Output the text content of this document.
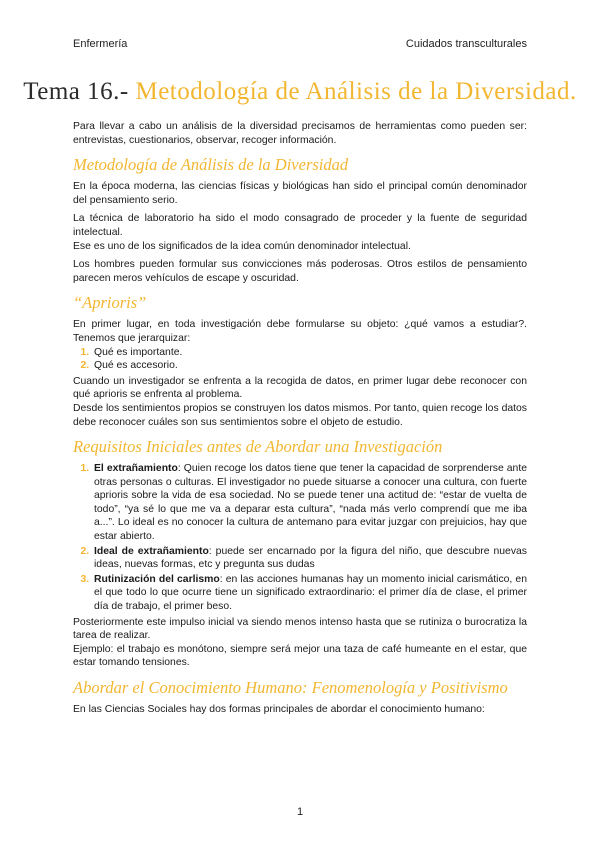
Enfermería	Cuidados transculturales
Tema 16.- Metodología de Análisis de la Diversidad.

Para llevar a cabo un análisis de la diversidad precisamos de herramientas como pueden ser: entrevistas, cuestionarios, observar, recoger información.

Metodología de Análisis de la Diversidad

En la época moderna, las ciencias físicas y biológicas han sido el principal común denominador del pensamiento serio.

La técnica de laboratorio ha sido el modo consagrado de proceder y la fuente de seguridad intelectual.

Ese es uno de los significados de la idea común denominador intelectual.

Los hombres pueden formular sus convicciones más poderosas. Otros estilos de pensamiento parecen meros vehículos de escape y oscuridad.

“Aprioris”

En primer lugar, en toda investigación debe formularse su objeto: ¿qué vamos a estudiar?. Tenemos que jerarquizar:

1. Qué es importante.
2. Qué es accesorio.

Cuando un investigador se enfrenta a la recogida de datos, en primer lugar debe reconocer con qué aprioris se enfrenta al problema.

Desde los sentimientos propios se construyen los datos mismos. Por tanto, quien recoge los datos debe reconocer cuáles son sus sentimientos sobre el objeto de estudio.

Requisitos Iniciales antes de Abordar una Investigación
1. El extrañamiento: Quien recoge los datos tiene que tener la capacidad de sorprenderse ante otras personas o culturas. El investigador no puede situarse a conocer una cultura, con fuerte aprioris sobre la vida de esa sociedad. No se puede tener una actitud de: “estar de vuelta de todo”, “ya sé lo que me va a deparar esta cultura”, “nada más verlo comprendí que me iba a...”. Lo ideal es no conocer la cultura de antemano para evitar juzgar con prejuicios, hay que estar abierto.
2. Ideal de extrañamiento: puede ser encarnado por la figura del niño, que descubre nuevas ideas, nuevas formas, etc y pregunta sus dudas
3. Rutinización del carlismo: en las acciones humanas hay un momento inicial carismático, en el que todo lo que ocurre tiene un significado extraordinario: el primer día de clase, el primer día de trabajo, el primer beso.

Posteriormente este impulso inicial va siendo menos intenso hasta que se rutiniza o burocratiza la tarea de realizar.

Ejemplo: el trabajo es monótono, siempre será mejor una taza de café humeante en el estar, que estar tomando tensiones.

Abordar el Conocimiento Humano: Fenomenología y Positivismo

En las Ciencias Sociales hay dos formas principales de abordar el conocimiento humano:

1
